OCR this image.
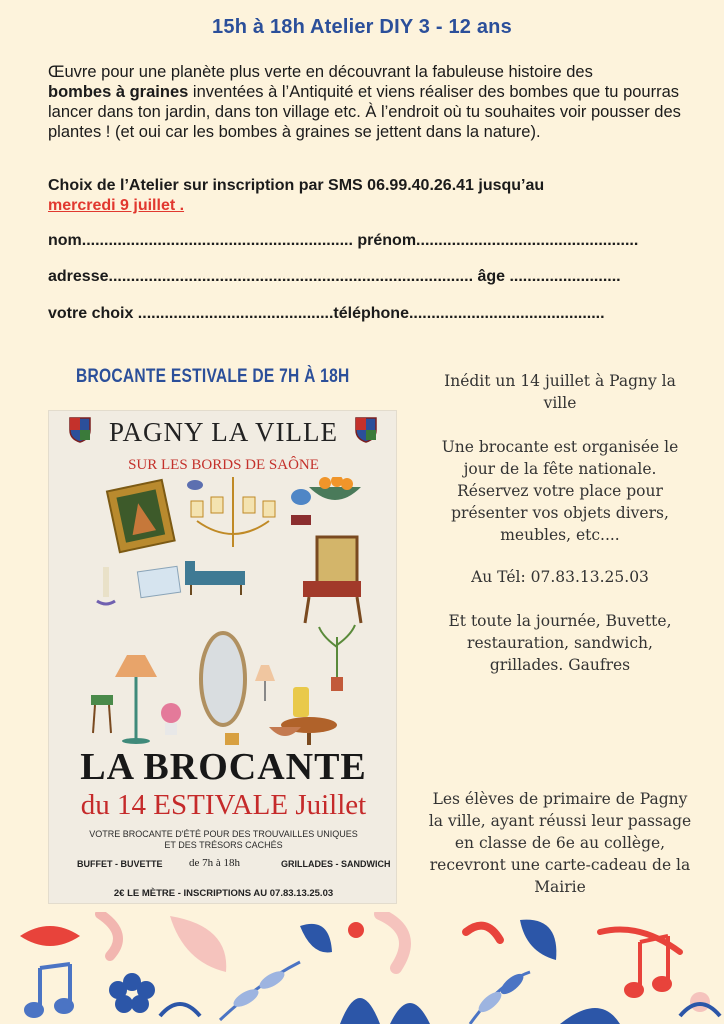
15h à 18h Atelier DIY 3 - 12 ans
Œuvre pour une planète plus verte en découvrant la fabuleuse histoire des
bombes à graines inventées à l’Antiquité et viens réaliser des bombes que tu pourras lancer dans ton jardin, dans ton village etc. À l’endroit où tu souhaites voir pousser des plantes ! (et oui car les bombes à graines se jettent dans la nature).
Choix de l’Atelier sur inscription par SMS 06.99.40.26.41 jusqu’au
mercredi 9 juillet .
nom............................................................. prénom..................................................
adresse.................................................................................. âge .........................
votre choix ............................................téléphone............................................
BROCANTE ESTIVALE DE 7H À 18H
PAGNY LA VILLE
SUR LES BORDS DE SAÔNE
LA BROCANTE
du 14 ESTIVALE Juillet
VOTRE BROCANTE D'ÉTÉ POUR DES TROUVAILLES UNIQUES
ET DES TRÉSORS CACHÉS
BUFFET - BUVETTE de 7h à 18h	GRILLADES - SANDWICH
2€ LE MÈTRE - INSCRIPTIONS AU 07.83.13.25.03
Inédit un 14 juillet à Pagny la ville
Une brocante est organisée le jour de la fête nationale. Réservez votre place pour présenter vos objets divers, meubles, etc....
Au Tél: 07.83.13.25.03
Et toute la journée, Buvette, restauration, sandwich, grillades. Gaufres
Les élèves de primaire de Pagny la ville, ayant réussi leur passage en classe de 6e au collège, recevront une carte-cadeau de la Mairie
